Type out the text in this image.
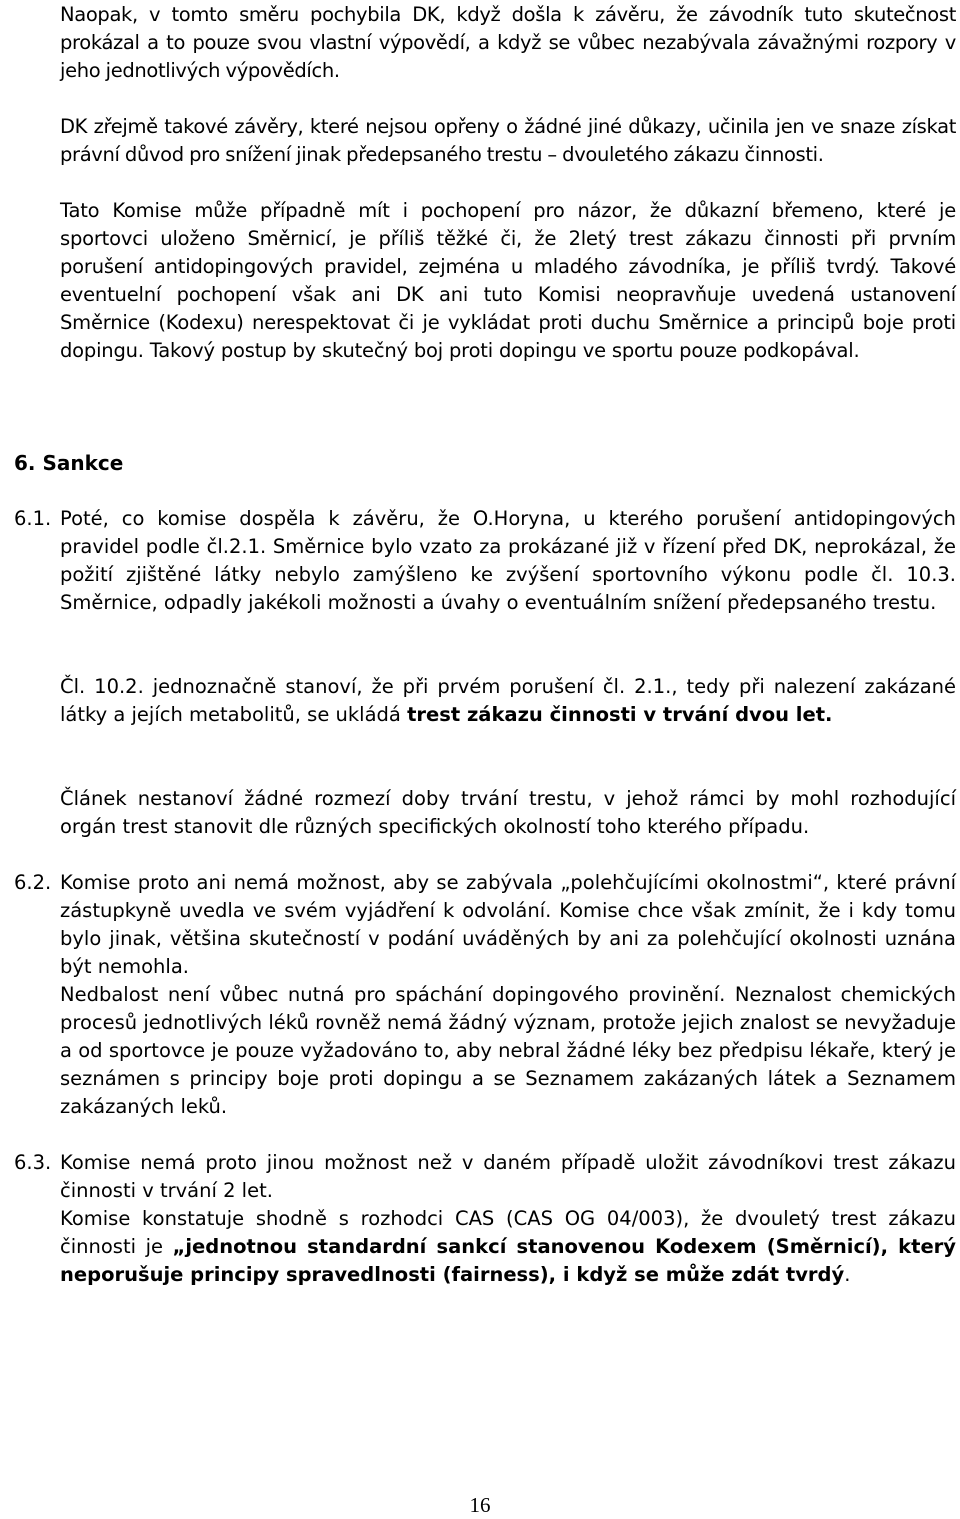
Naopak, v tomto směru pochybila DK, když došla k závěru, že závodník tuto skutečnost prokázal a to pouze svou vlastní výpovědí, a když se vůbec nezabývala závažnými rozpory v jeho jednotlivých výpovědích.

DK zřejmě takové závěry, které nejsou opřeny o žádné jiné důkazy, učinila jen ve snaze získat právní důvod pro snížení jinak předepsaného trestu – dvouletého zákazu činnosti.

Tato Komise může případně mít i pochopení pro názor, že důkazní břemeno, které je sportovci uloženo Směrnicí, je příliš těžké či, že 2letý trest zákazu činnosti při prvním porušení antidopingových pravidel, zejména u mladého závodníka, je příliš tvrdý. Takové eventuelní pochopení však ani DK ani tuto Komisi neopravňuje uvedená ustanovení Směrnice (Kodexu) nerespektovat či je vykládat proti duchu Směrnice a principů boje proti dopingu. Takový postup by skutečný boj proti dopingu ve sportu pouze podkopával.

6. Sankce
6.1. Poté, co komise dospěla k závěru, že O.Horyna, u kterého porušení antidopingových pravidel podle čl.2.1. Směrnice bylo vzato za prokázané již v řízení před DK, neprokázal, že požití zjištěné látky nebylo zamýšleno ke zvýšení sportovního výkonu podle čl. 10.3. Směrnice, odpadly jakékoli možnosti a úvahy o eventuálním snížení předepsaného trestu.

Čl. 10.2. jednoznačně stanoví, že při prvém porušení čl. 2.1., tedy při nalezení zakázané látky a jejích metabolitů, se ukládá trest zákazu činnosti v trvání dvou let.

Článek nestanoví žádné rozmezí doby trvání trestu, v jehož rámci by mohl rozhodující orgán trest stanovit dle různých specifických okolností toho kterého případu.

6.2. Komise proto ani nemá možnost, aby se zabývala „polehčujícími okolnostmi“, které právní zástupkyně uvedla ve svém vyjádření k odvolání. Komise chce však zmínit, že i kdy tomu bylo jinak, většina skutečností v podání uváděných by ani za polehčující okolnosti uznána být nemohla.

Nedbalost není vůbec nutná pro spáchání dopingového provinění. Neznalost chemických procesů jednotlivých léků rovněž nemá žádný význam, protože jejich znalost se nevyžaduje a od sportovce je pouze vyžadováno to, aby nebral žádné léky bez předpisu lékaře, který je seznámen s principy boje proti dopingu a se Seznamem zakázaných látek a Seznamem zakázaných leků.

6.3. Komise nemá proto jinou možnost než v daném případě uložit závodníkovi trest zákazu činnosti v trvání 2 let.

Komise konstatuje shodně s rozhodci CAS (CAS OG 04/003), že dvouletý trest zákazu činnosti je „jednotnou standardní sankcí stanovenou Kodexem (Směrnicí), který neporušuje principy spravedlnosti (fairness), i když se může zdát tvrdý.

16
